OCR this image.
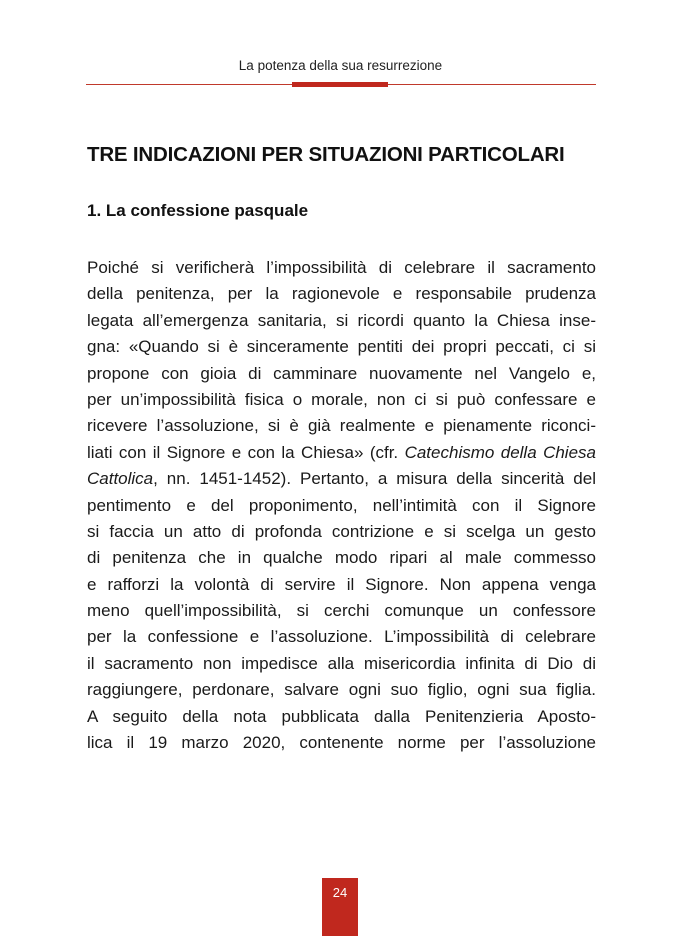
La potenza della sua resurrezione
TRE INDICAZIONI PER SITUAZIONI PARTICOLARI
1. La confessione pasquale
Poiché si verificherà l’impossibilità di celebrare il sacramento
della penitenza, per la ragionevole e responsabile prudenza
legata all’emergenza sanitaria, si ricordi quanto la Chiesa inse-
gna: «Quando si è sinceramente pentiti dei propri peccati, ci si
propone con gioia di camminare nuovamente nel Vangelo e,
per un’impossibilità fisica o morale, non ci si può confessare e
ricevere l’assoluzione, si è già realmente e pienamente riconci-
liati con il Signore e con la Chiesa» (cfr. Catechismo della Chiesa
Cattolica, nn. 1451-1452). Pertanto, a misura della sincerità del
pentimento e del proponimento, nell’intimità con il Signore
si faccia un atto di profonda contrizione e si scelga un gesto
di penitenza che in qualche modo ripari al male commesso
e rafforzi la volontà di servire il Signore. Non appena venga
meno quell’impossibilità, si cerchi comunque un confessore
per la confessione e l’assoluzione. L’impossibilità di celebrare
il sacramento non impedisce alla misericordia infinita di Dio di
raggiungere, perdonare, salvare ogni suo figlio, ogni sua figlia.
A seguito della nota pubblicata dalla Penitenzieria Aposto-
lica il 19 marzo 2020, contenente norme per l’assoluzione
24
